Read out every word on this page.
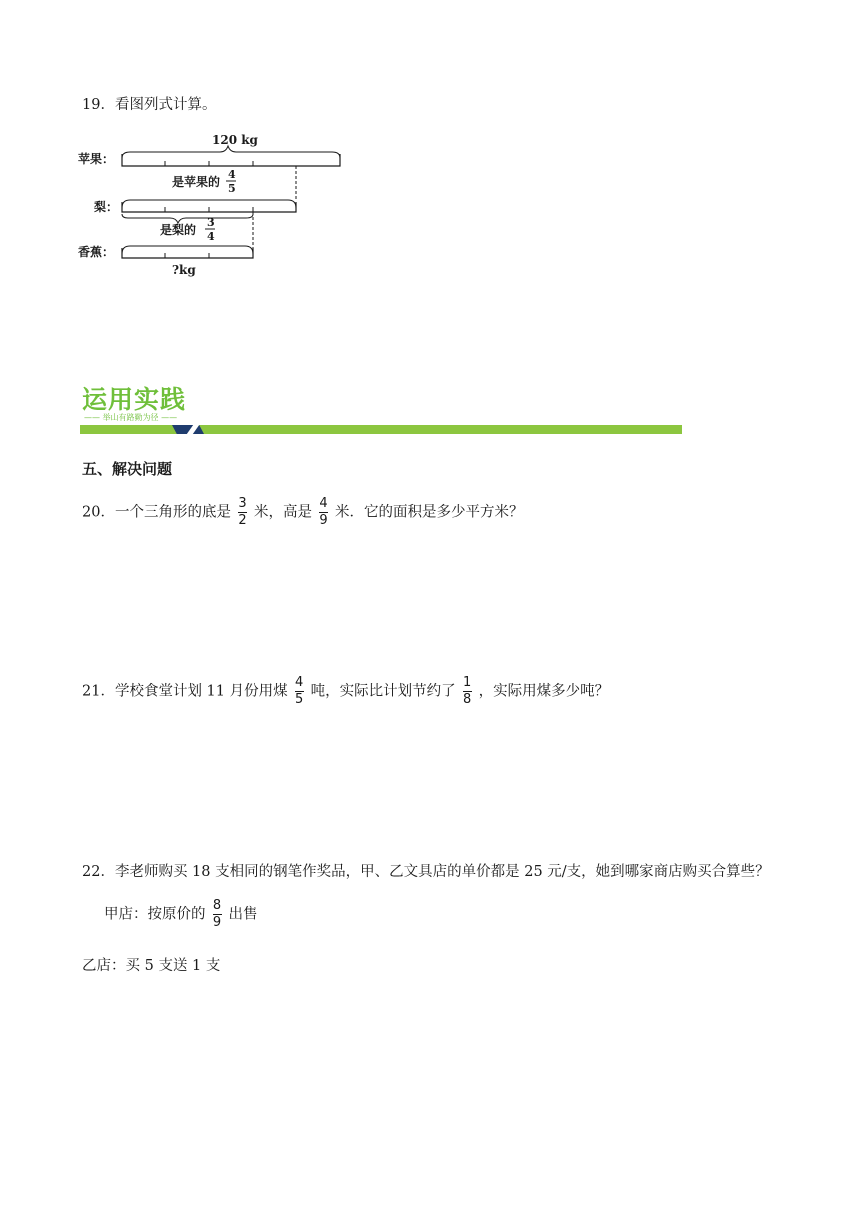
19．看图列式计算。
120 kg
苹果：
是苹果的
4
5
梨：
是梨的
3
4
香蕉：
?kg
运用实践
—— 举山有路勤为径 ——
五、解决问题
20．一个三角形的底是 $\frac{3}{2}$ 米，高是 $\frac{4}{9}$ 米．它的面积是多少平方米？
21．学校食堂计划 11 月份用煤 $\frac{4}{5}$ 吨，实际比计划节约了 $\frac{1}{8}$ ，实际用煤多少吨？
22．李老师购买 18 支相同的钢笔作奖品，甲、乙文具店的单价都是 25 元/支，她到哪家商店购买合算些？
甲店：按原价的 $\frac{8}{9}$ 出售
乙店：买 5 支送 1 支
